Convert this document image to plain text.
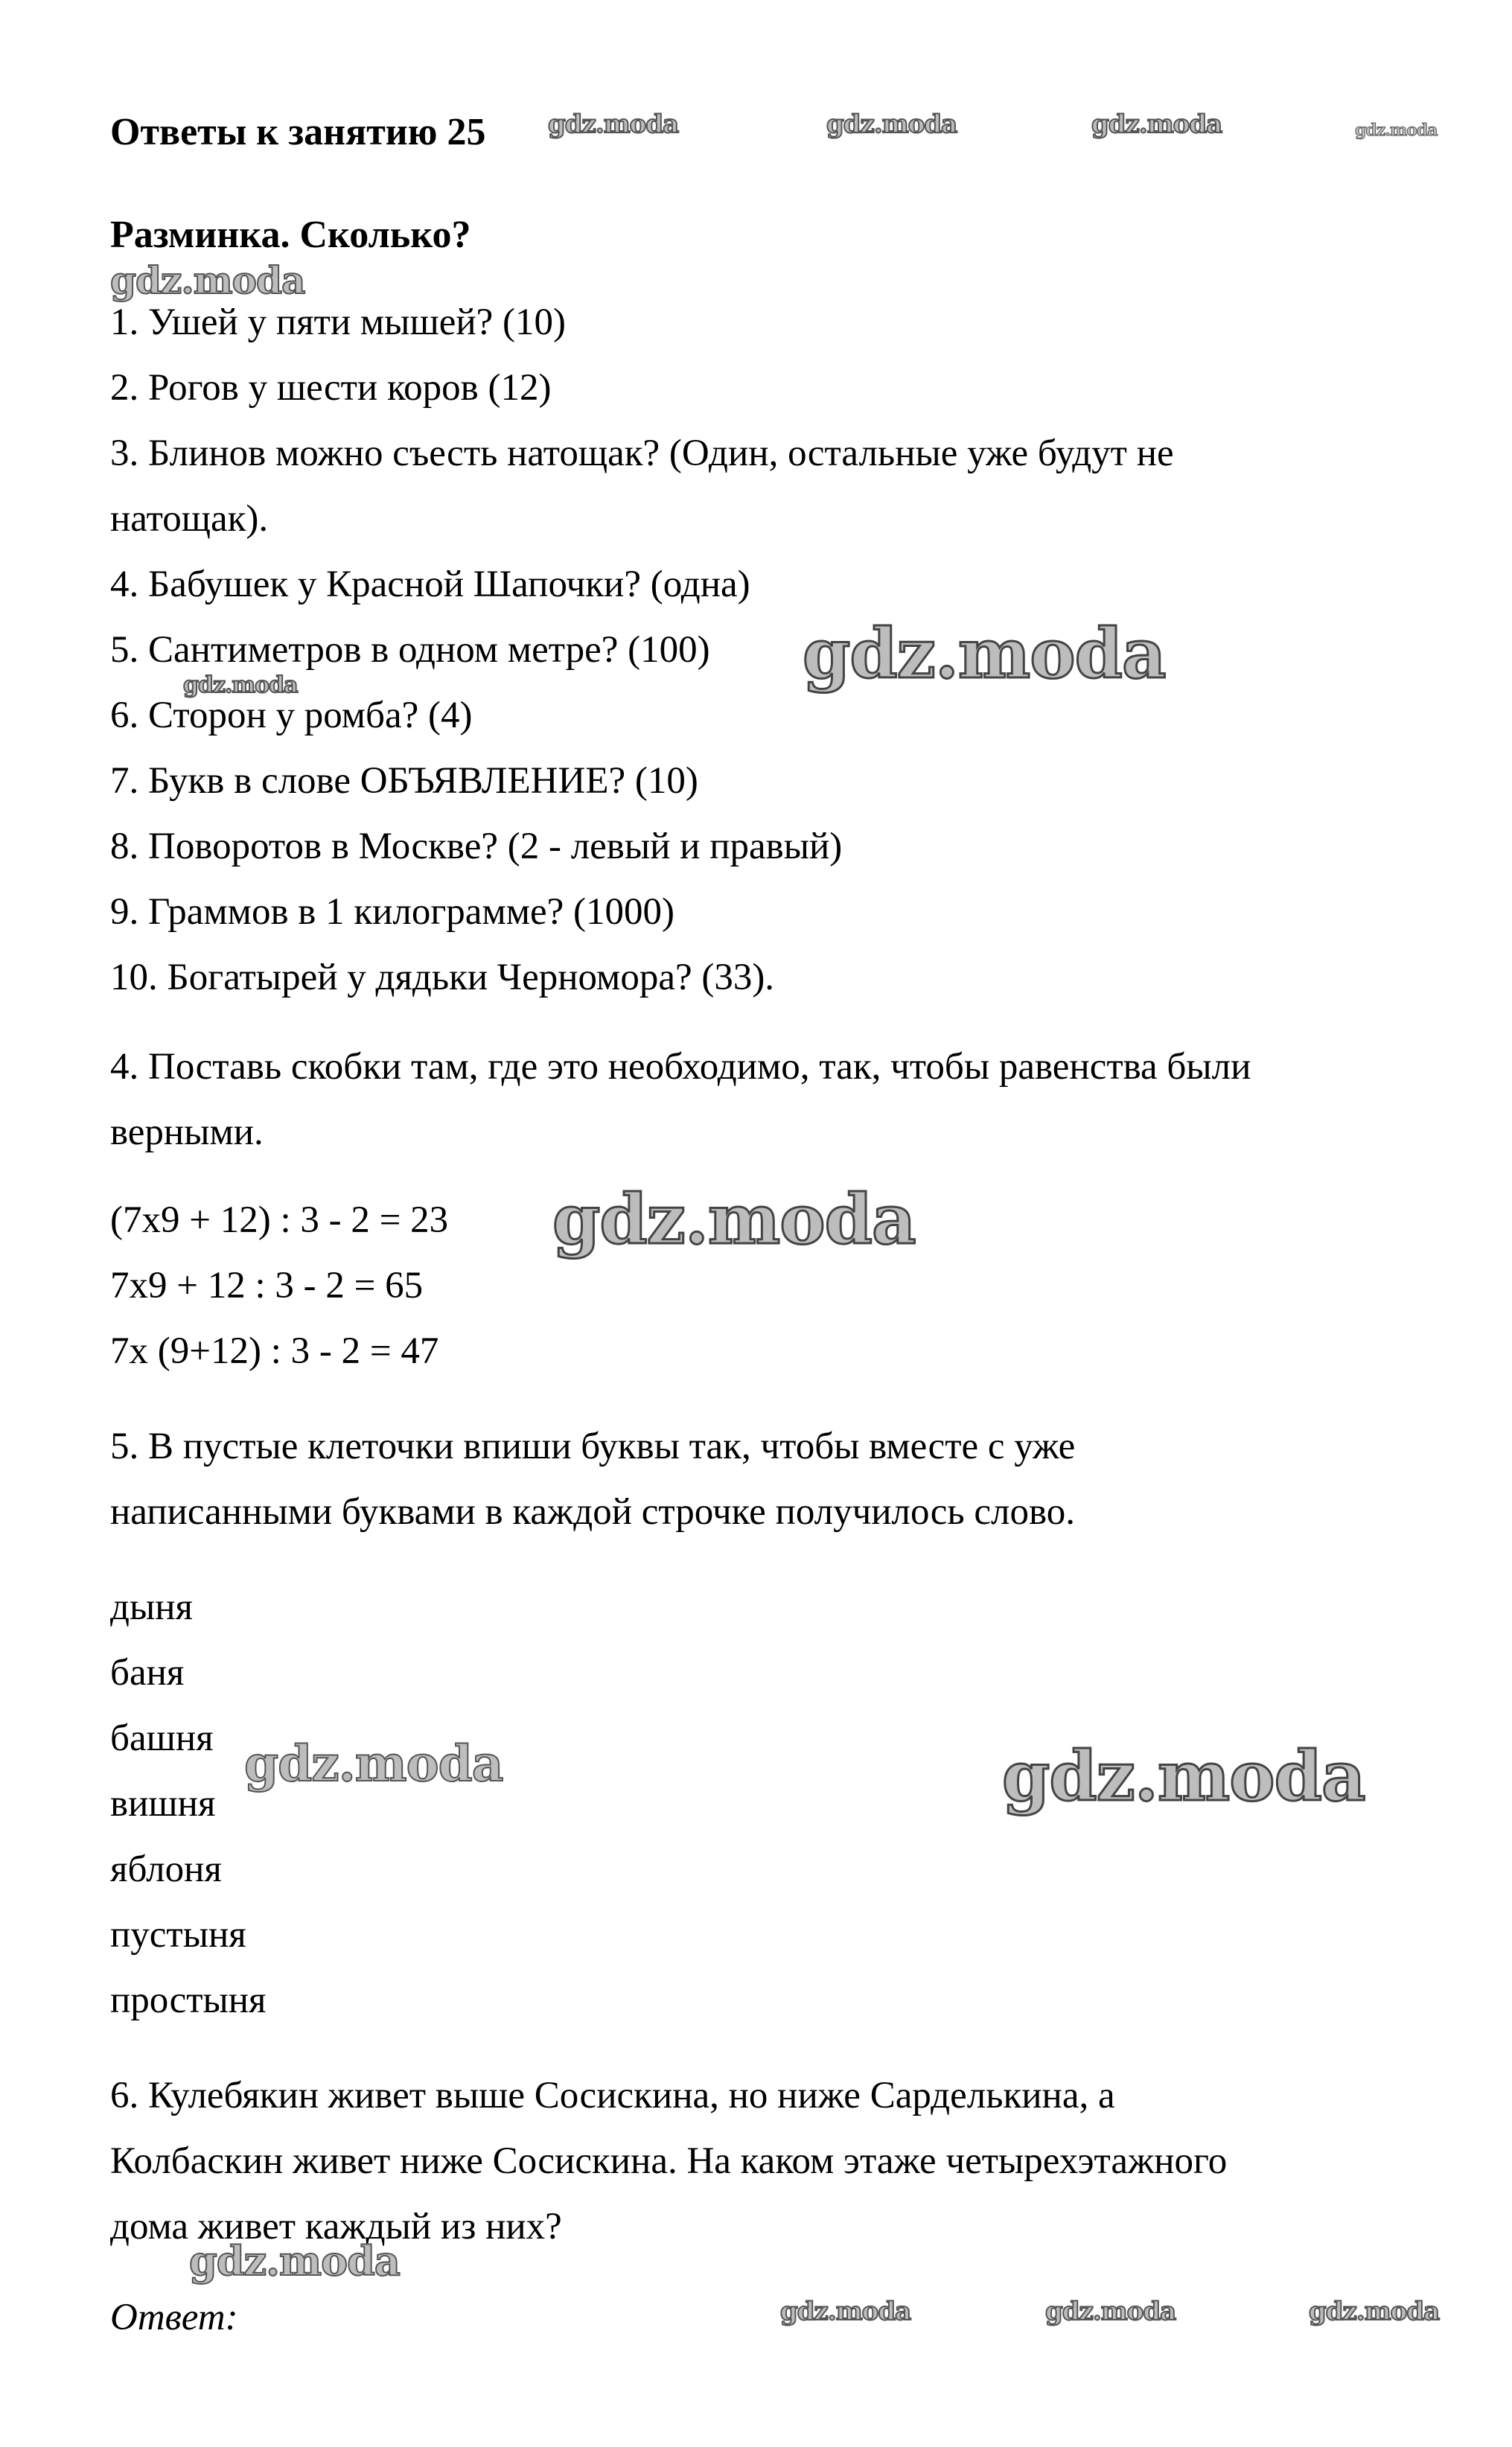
Ответы к занятию 25
Разминка. Сколько?
1. Ушей у пяти мышей? (10)
2. Рогов у шести коров (12)
3. Блинов можно съесть натощак? (Один, остальные уже будут не
натощак).
4. Бабушек у Красной Шапочки? (одна)
5. Сантиметров в одном метре? (100)
6. Сторон у ромба? (4)
7. Букв в слове ОБЪЯВЛЕНИЕ? (10)
8. Поворотов в Москве? (2 - левый и правый)
9. Граммов в 1 килограмме? (1000)
10. Богатырей у дядьки Черномора? (33).
4. Поставь скобки там, где это необходимо, так, чтобы равенства были
верными.
(7х9 + 12) : 3 - 2 = 23
7х9 + 12 : 3 - 2 = 65
7х (9+12) : 3 - 2 = 47
5. В пустые клеточки впиши буквы так, чтобы вместе с уже
написанными буквами в каждой строчке получилось слово.
дыня
баня
башня
вишня
яблоня
пустыня
простыня
6. Кулебякин живет выше Сосискина, но ниже Сарделькина, а
Колбаскин живет ниже Сосискина. На каком этаже четырехэтажного
дома живет каждый из них?
Ответ:
gdz.moda	gdz.moda	gdz.moda	gdz.moda
gdz.moda
gdz.moda
gdz.moda
gdz.moda
gdz.moda	gdz.moda
gdz.moda
gdz.moda	gdz.moda	gdz.moda
